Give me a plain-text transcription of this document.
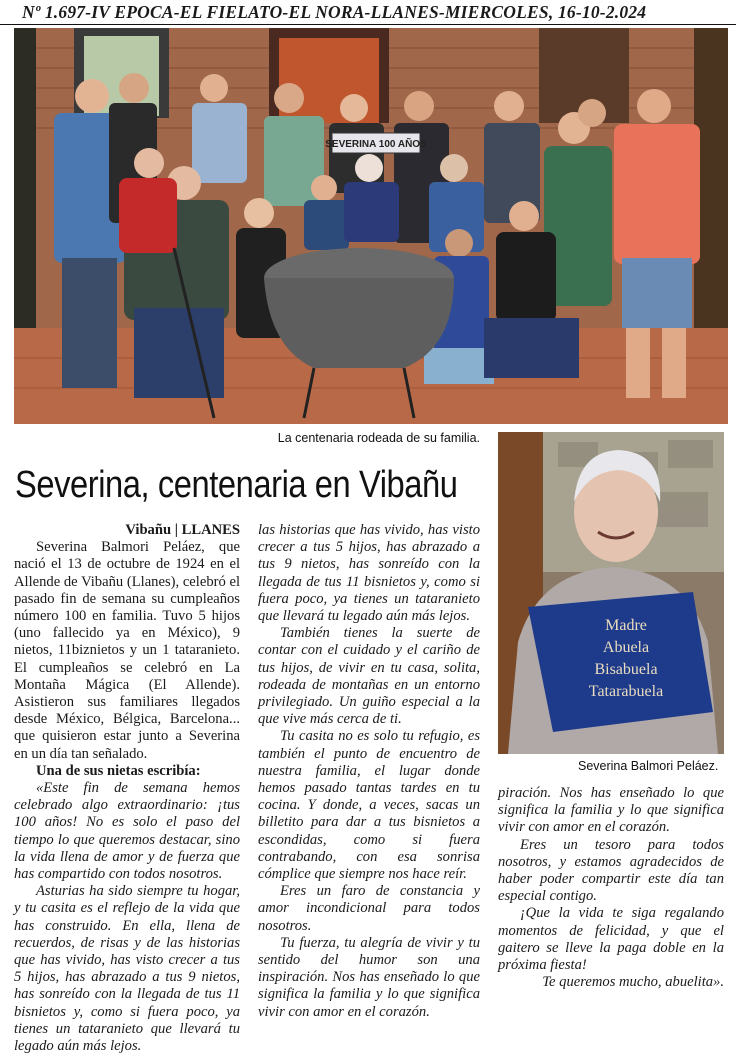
Nº 1.697-IV EPOCA-EL FIELATO-EL NORA-LLANES-MIERCOLES, 16-10-2.024
SEVERINA 100 AÑOS
La centenaria rodeada de su familia.
Severina, centenaria en Vibañu
Madre
Abuela
Bisabuela
Tatarabuela
Severina Balmori Peláez.

Vibañu | LLANES

Severina Balmori Peláez, que nació el 13 de octubre de 1924 en el Allende de Vibañu (Llanes), celebró el pasado fin de semana su cumpleaños número 100 en familia. Tuvo 5 hijos (uno fallecido ya en México), 9 nietos, 11biznietos y un 1 tataranieto. El cumpleaños se celebró en La Montaña Mágica (El Allende). Asistieron sus familiares llegados desde México, Bélgica, Barcelona... que quisieron estar junto a Severina en un día tan señalado.

Una de sus nietas escribía:

«Este fin de semana hemos celebrado algo extraordinario: ¡tus 100 años! No es solo el paso del tiempo lo que queremos destacar, sino la vida llena de amor y de fuerza que has compartido con todos nosotros.

Asturias ha sido siempre tu hogar, y tu casita es el reflejo de la vida que has construido. En ella, llena de recuerdos, de risas y de las historias que has vivido, has visto crecer a tus 5 hijos, has abrazado a tus 9 nietos, has sonreído con la llegada de tus 11 bisnietos y, como si fuera poco, ya tienes un tataranieto que llevará tu legado aún más lejos.

las historias que has vivido, has visto crecer a tus 5 hijos, has abrazado a tus 9 nietos, has sonreído con la llegada de tus 11 bisnietos y, como si fuera poco, ya tienes un tataranieto que llevará tu legado aún más lejos.

También tienes la suerte de contar con el cuidado y el cariño de tus hijos, de vivir en tu casa, solita, rodeada de montañas en un entorno privilegiado. Un guiño especial a la que vive más cerca de ti.

Tu casita no es solo tu refugio, es también el punto de encuentro de nuestra familia, el lugar donde hemos pasado tantas tardes en tu cocina. Y donde, a veces, sacas un billetito para dar a tus bisnietos a escondidas, como si fuera contrabando, con esa sonrisa cómplice que siempre nos hace reír.

Eres un faro de constancia y amor incondicional para todos nosotros.

Tu fuerza, tu alegría de vivir y tu sentido del humor son una inspiración. Nos has enseñado lo que significa la familia y lo que significa vivir con amor en el corazón.

piración. Nos has enseñado lo que significa la familia y lo que significa vivir con amor en el corazón.

Eres un tesoro para todos nosotros, y estamos agradecidos de haber poder compartir este día tan especial contigo.

¡Que la vida te siga regalando momentos de felicidad, y que el gaitero se lleve la paga doble en la próxima fiesta!

Te queremos mucho, abuelita».
